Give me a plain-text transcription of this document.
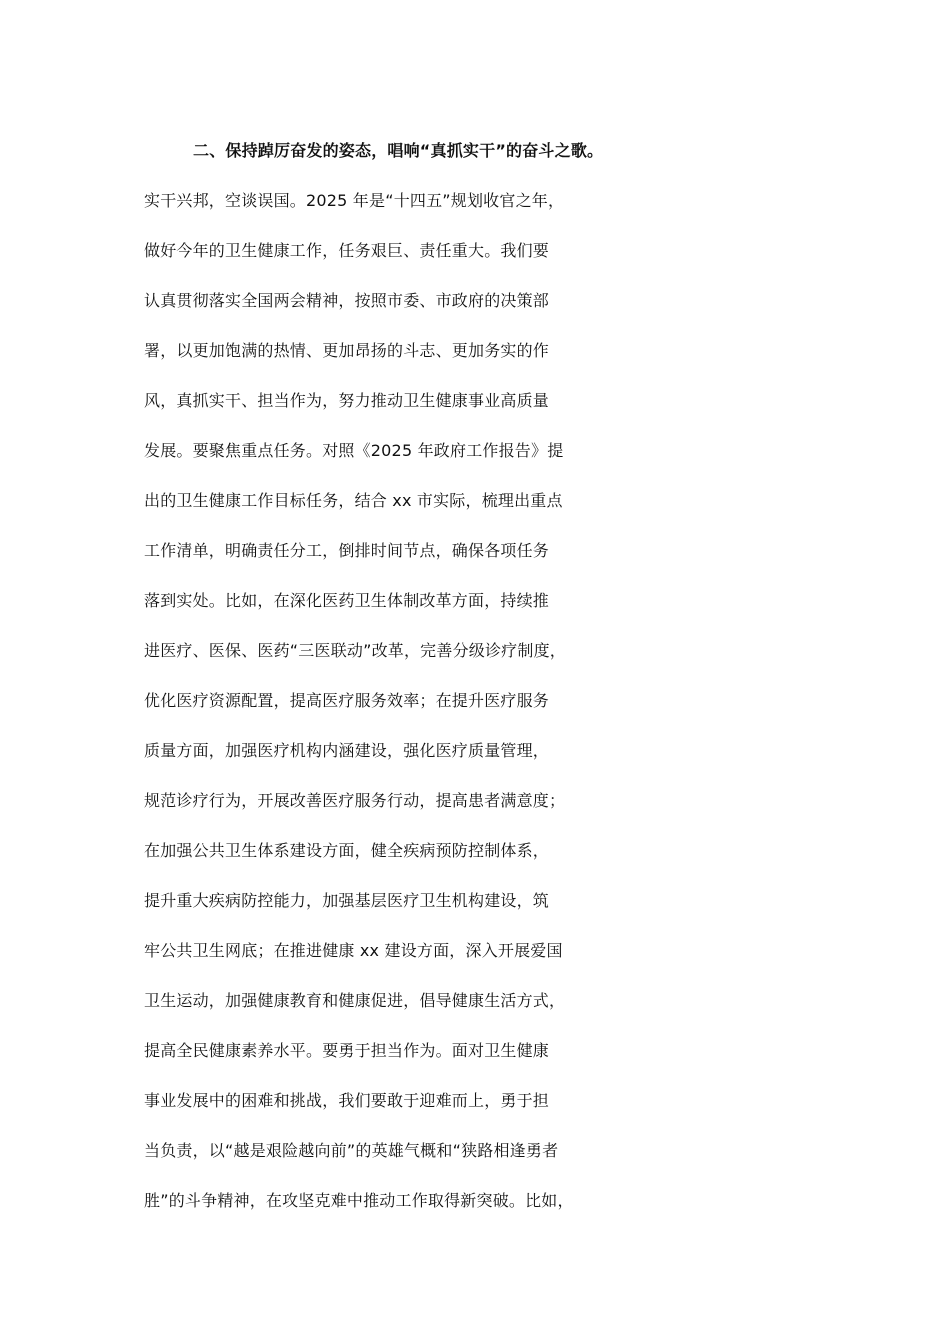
二、保持踔厉奋发的姿态，唱响“真抓实干”的奋斗之歌。
实干兴邦，空谈误国。2025 年是“十四五”规划收官之年，
做好今年的卫生健康工作，任务艰巨、责任重大。我们要
认真贯彻落实全国两会精神，按照市委、市政府的决策部
署，以更加饱满的热情、更加昂扬的斗志、更加务实的作
风，真抓实干、担当作为，努力推动卫生健康事业高质量
发展。要聚焦重点任务。对照《2025 年政府工作报告》提
出的卫生健康工作目标任务，结合 xx 市实际，梳理出重点
工作清单，明确责任分工，倒排时间节点，确保各项任务
落到实处。比如，在深化医药卫生体制改革方面，持续推
进医疗、医保、医药“三医联动”改革，完善分级诊疗制度，
优化医疗资源配置，提高医疗服务效率；在提升医疗服务
质量方面，加强医疗机构内涵建设，强化医疗质量管理，
规范诊疗行为，开展改善医疗服务行动，提高患者满意度；
在加强公共卫生体系建设方面，健全疾病预防控制体系，
提升重大疾病防控能力，加强基层医疗卫生机构建设，筑
牢公共卫生网底；在推进健康 xx 建设方面，深入开展爱国
卫生运动，加强健康教育和健康促进，倡导健康生活方式，
提高全民健康素养水平。要勇于担当作为。面对卫生健康
事业发展中的困难和挑战，我们要敢于迎难而上，勇于担
当负责，以“越是艰险越向前”的英雄气概和“狭路相逢勇者
胜”的斗争精神，在攻坚克难中推动工作取得新突破。比如，
